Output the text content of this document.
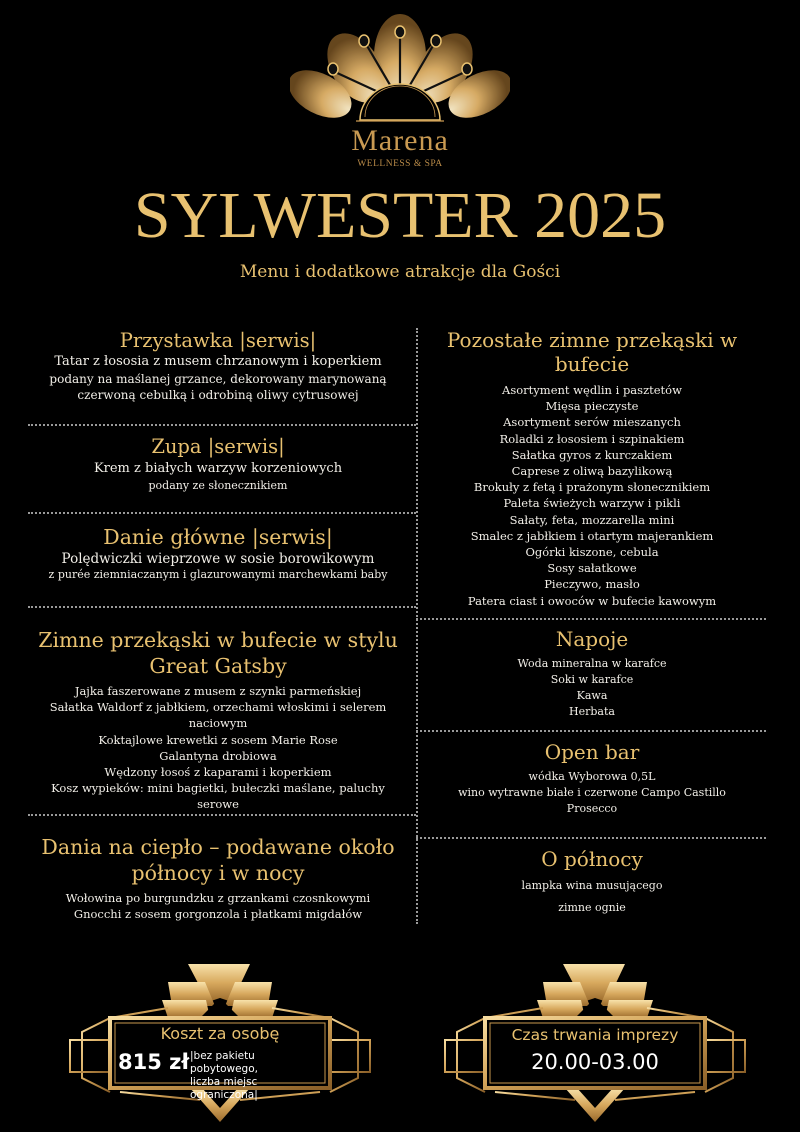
Marena
WELLNESS & SPA
SYLWESTER 2025
Menu i dodatkowe atrakcje dla Gości
Przystawka |serwis|
Tatar z łososia z musem chrzanowym i koperkiem
podany na maślanej grzance, dekorowany marynowaną
czerwoną cebulką i odrobiną oliwy cytrusowej
Zupa |serwis|
Krem z białych warzyw korzeniowych
podany ze słonecznikiem
Danie główne |serwis|
Polędwiczki wieprzowe w sosie borowikowym
z purée ziemniaczanym i glazurowanymi marchewkami baby
Zimne przekąski w bufecie w stylu
Great Gatsby
Jajka faszerowane z musem z szynki parmeńskiej
Sałatka Waldorf z jabłkiem, orzechami włoskimi i selerem
naciowym
Koktajlowe krewetki z sosem Marie Rose
Galantyna drobiowa
Wędzony łosoś z kaparami i koperkiem
Kosz wypieków: mini bagietki, bułeczki maślane, paluchy
serowe
Dania na ciepło – podawane około
północy i w nocy
Wołowina po burgundzku z grzankami czosnkowymi
Gnocchi z sosem gorgonzola i płatkami migdałów
Pozostałe zimne przekąski w
bufecie
Asortyment wędlin i pasztetów
Mięsa pieczyste
Asortyment serów mieszanych
Roladki z łososiem i szpinakiem
Sałatka gyros z kurczakiem
Caprese z oliwą bazylikową
Brokuły z fetą i prażonym słonecznikiem
Paleta świeżych warzyw i pikli
Sałaty, feta, mozzarella mini
Smalec z jabłkiem i otartym majerankiem
Ogórki kiszone, cebula
Sosy sałatkowe
Pieczywo, masło
Patera ciast i owoców w bufecie kawowym
Napoje
Woda mineralna w karafce
Soki w karafce
Kawa
Herbata
Open bar
wódka Wyborowa 0,5L
wino wytrawne białe i czerwone Campo Castillo
Prosecco
O północy
lampka wina musującego
zimne ognie
Koszt za osobę
815 zł |bez pakietu pobytowego,
liczba miejsc ograniczona|
Czas trwania imprezy
20.00-03.00
